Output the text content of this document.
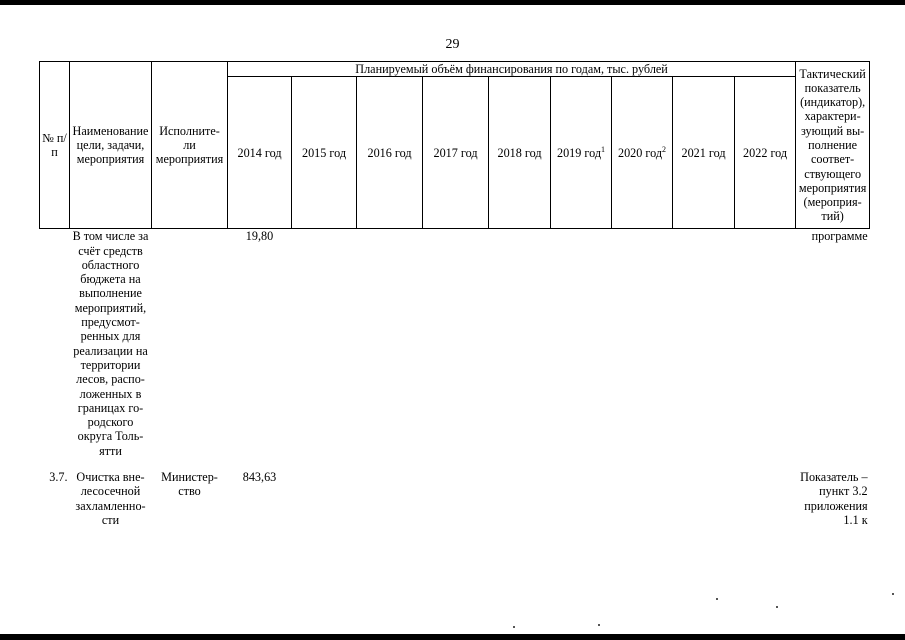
29
№ п/п	Наименование цели, задачи, мероприятия	Исполните-ли мероприятия	Планируемый объём финансирования по годам, тыс. рублей									Тактический показатель (индикатор), характери-зующий вы-полнение соответ-ствующего мероприятия (мероприя-тий)
			2014 год	2015 год	2016 год	2017 год	2018 год	2019 год$^1$	2020 год$^2$	2021 год	2022 год	
	В том числе за счёт средств областного бюджета на выполнение мероприятий, предусмот-ренных для реализации на территории лесов, распо-ложенных в границах го-родского округа Толь-ятти		19,80									программе

3.7.	Очистка вне-лесосечной захламленно-сти	Министер-ство	843,63									Показатель – пункт 3.2 приложения 1.1 к
